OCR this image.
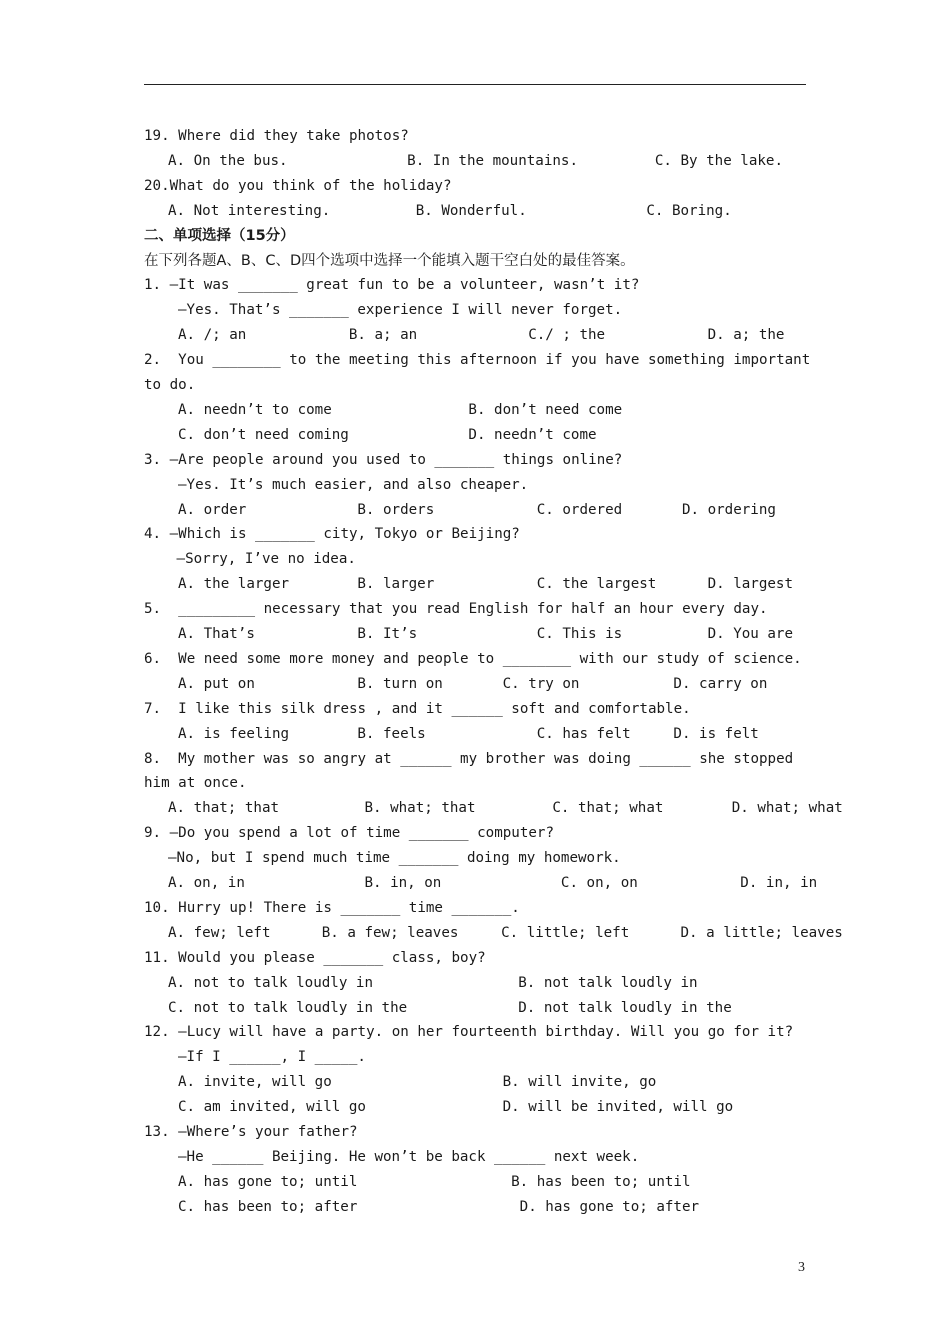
19. Where did they take photos?
A. On the bus.              B. In the mountains.         C. By the lake.
20.What do you think of the holiday?
A. Not interesting.          B. Wonderful.              C. Boring.
二、单项选择（15分）
在下列各题A、B、C、D四个选项中选择一个能填入题干空白处的最佳答案。
1. —It was _______ great fun to be a volunteer, wasn’t it?
—Yes. That’s _______ experience I will never forget.
A. /; an            B. a; an             C./ ; the            D. a; the
2.  You ________ to the meeting this afternoon if you have something important
to do.
A. needn’t to come                B. don’t need come
C. don’t need coming              D. needn’t come
3. —Are people around you used to _______ things online?
—Yes. It’s much easier, and also cheaper.
A. order             B. orders            C. ordered       D. ordering
4. —Which is _______ city, Tokyo or Beijing?
—Sorry, I’ve no idea.
A. the larger        B. larger            C. the largest      D. largest
5.  _________ necessary that you read English for half an hour every day.
A. That’s            B. It’s              C. This is          D. You are
6.  We need some more money and people to ________ with our study of science.
A. put on            B. turn on       C. try on           D. carry on
7.  I like this silk dress , and it ______ soft and comfortable.
A. is feeling        B. feels             C. has felt     D. is felt
8.  My mother was so angry at ______ my brother was doing ______ she stopped
him at once.
A. that; that          B. what; that         C. that; what        D. what; what
9. —Do you spend a lot of time _______ computer?
—No, but I spend much time _______ doing my homework.
A. on, in              B. in, on              C. on, on            D. in, in
10. Hurry up! There is _______ time _______.
A. few; left      B. a few; leaves     C. little; left      D. a little; leaves
11. Would you please _______ class, boy?
A. not to talk loudly in                 B. not talk loudly in
C. not to talk loudly in the             D. not talk loudly in the
12. —Lucy will have a party. on her fourteenth birthday. Will you go for it?
—If I ______, I _____.
A. invite, will go                    B. will invite, go
C. am invited, will go                D. will be invited, will go
13. —Where’s your father?
—He ______ Beijing. He won’t be back ______ next week.
A. has gone to; until                  B. has been to; until
C. has been to; after                   D. has gone to; after
3
